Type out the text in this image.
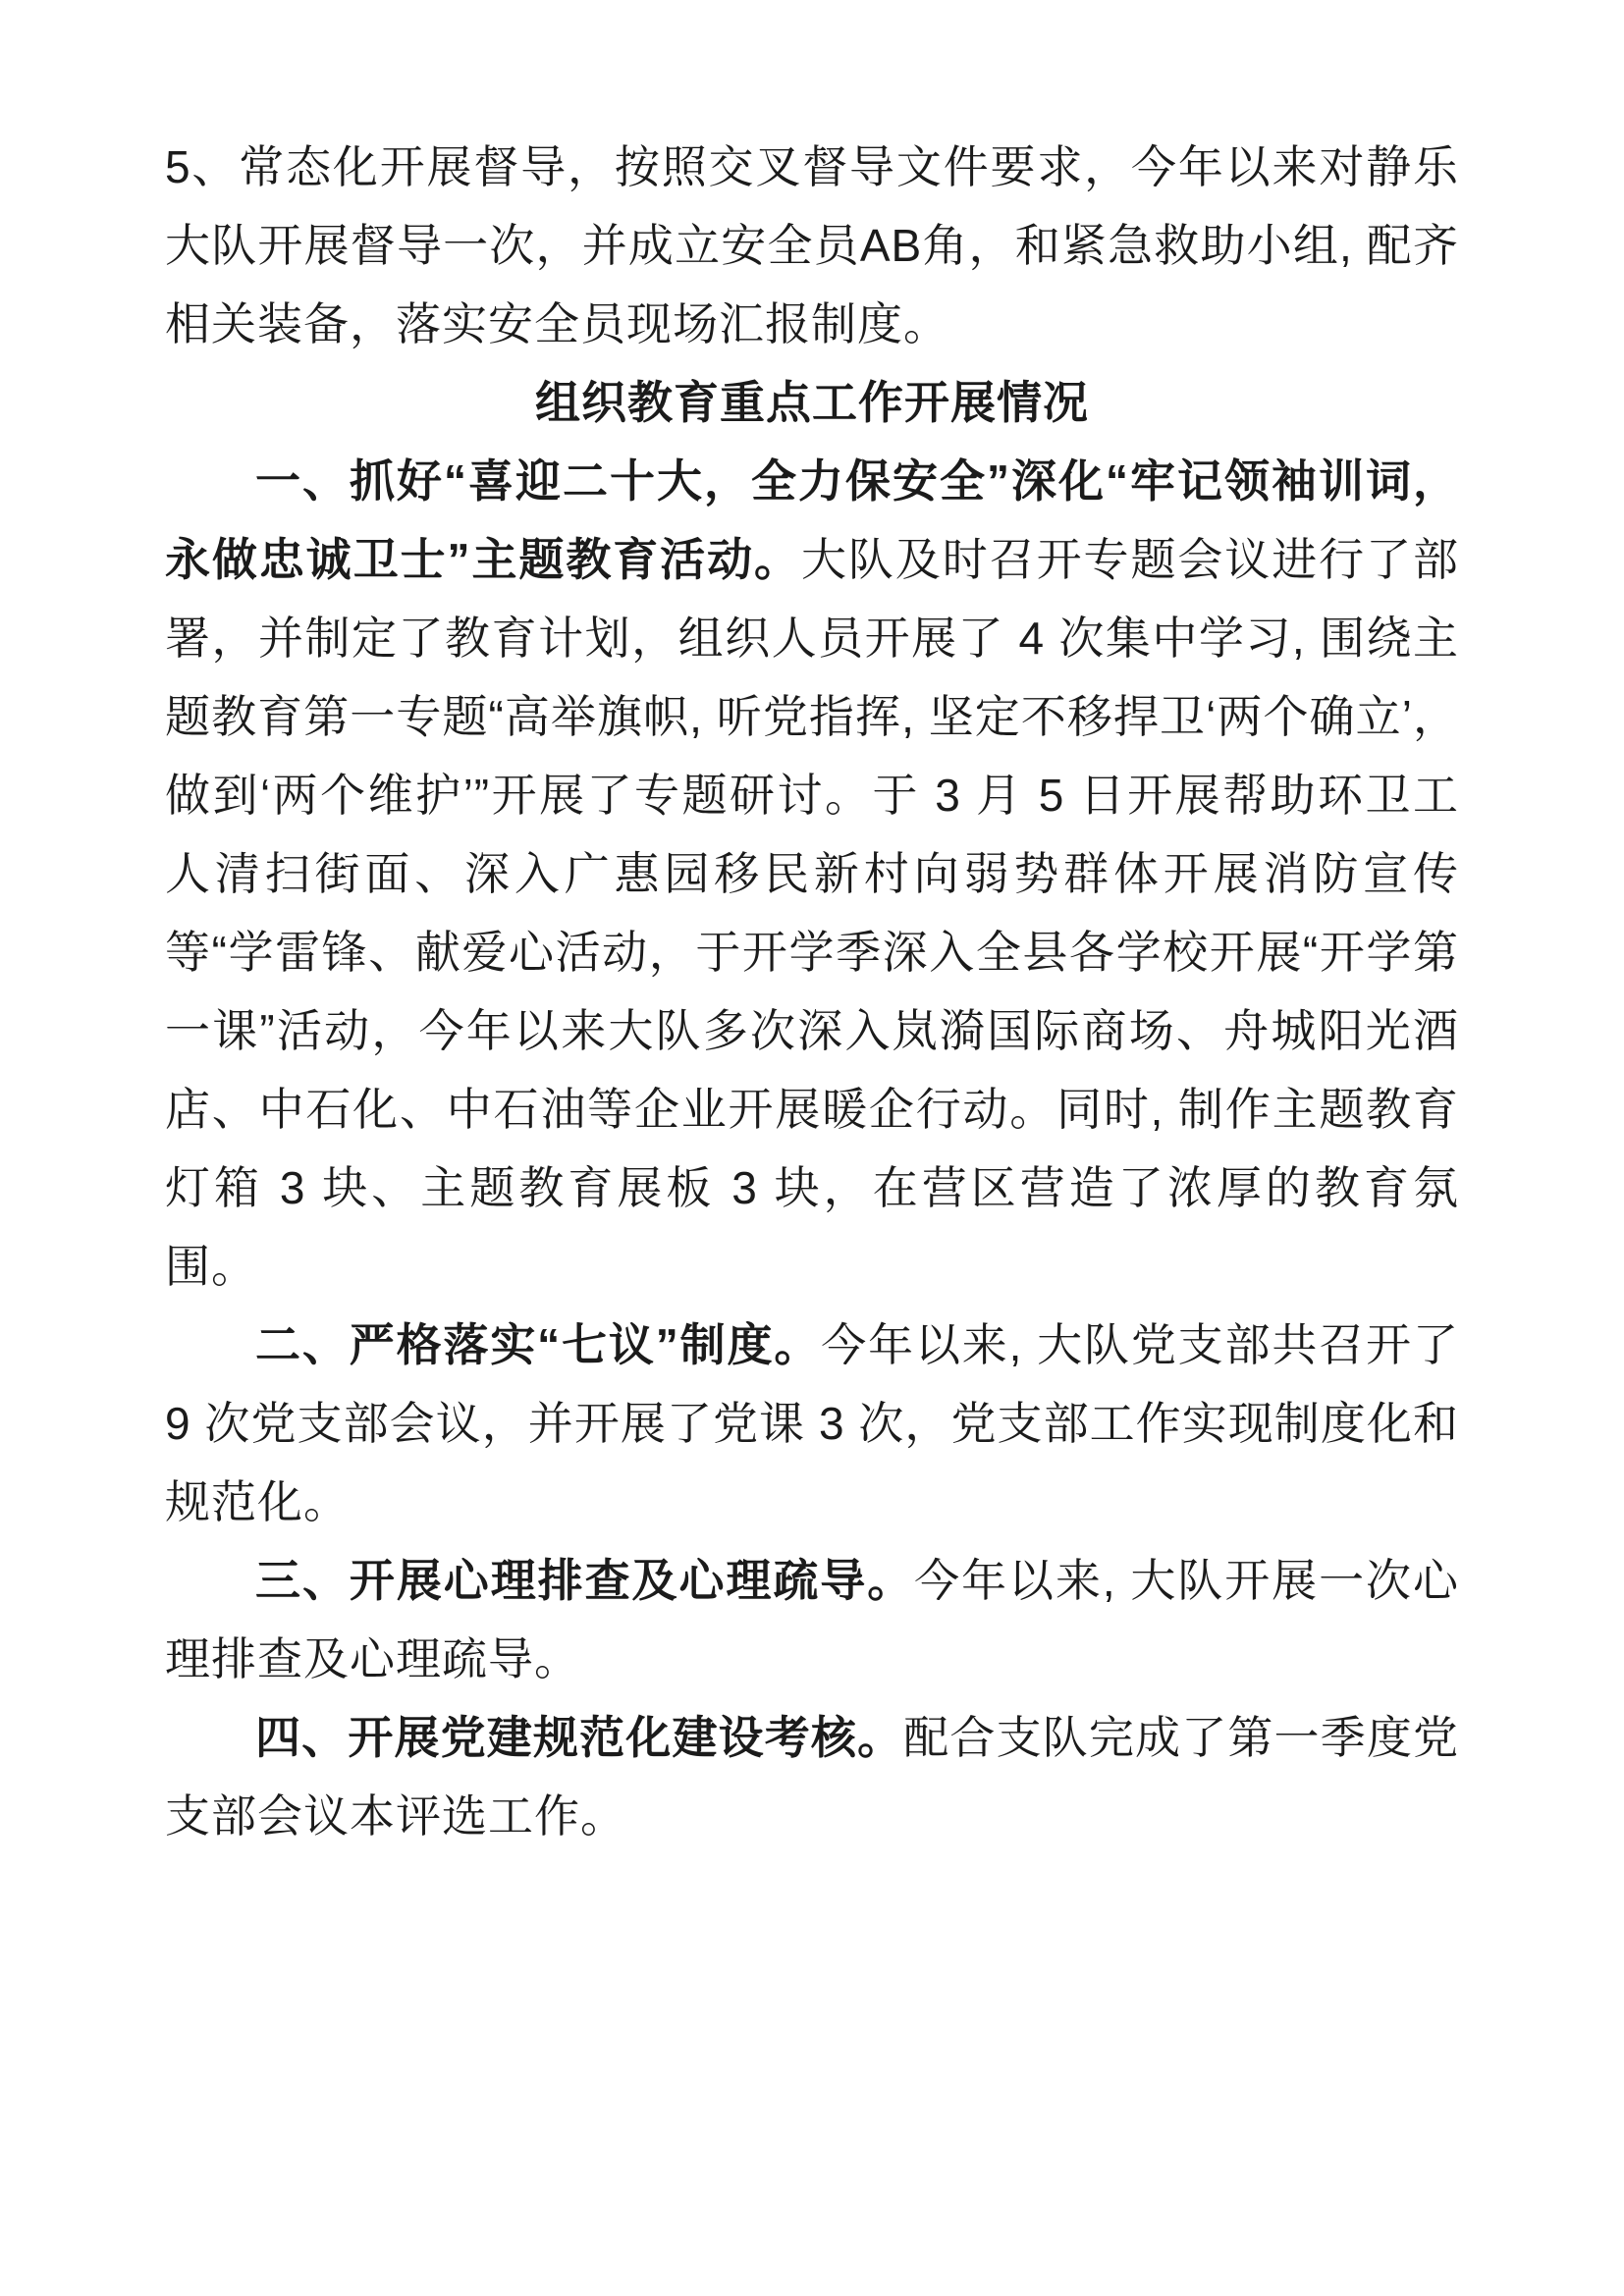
5、常态化开展督导，按照交叉督导文件要求，今年以来对静乐大队开展督导一次，并成立安全员AB角，和紧急救助小组, 配齐相关装备，落实安全员现场汇报制度。

组织教育重点工作开展情况

一、抓好“喜迎二十大，全力保安全”深化“牢记领袖训词，永做忠诚卫士”主题教育活动。大队及时召开专题会议进行了部署，并制定了教育计划，组织人员开展了 4 次集中学习, 围绕主题教育第一专题“高举旗帜, 听党指挥, 坚定不移捍卫‘两个确立’，做到‘两个维护’”开展了专题研讨。于 3 月 5 日开展帮助环卫工人清扫街面、深入广惠园移民新村向弱势群体开展消防宣传等“学雷锋、献爱心活动，于开学季深入全县各学校开展“开学第一课”活动，今年以来大队多次深入岚漪国际商场、舟城阳光酒店、中石化、中石油等企业开展暖企行动。同时, 制作主题教育灯箱 3 块、主题教育展板 3 块，在营区营造了浓厚的教育氛围。

二、严格落实“七议”制度。今年以来, 大队党支部共召开了 9 次党支部会议，并开展了党课 3 次，党支部工作实现制度化和规范化。

三、开展心理排查及心理疏导。今年以来, 大队开展一次心理排查及心理疏导。

四、开展党建规范化建设考核。配合支队完成了第一季度党支部会议本评选工作。
